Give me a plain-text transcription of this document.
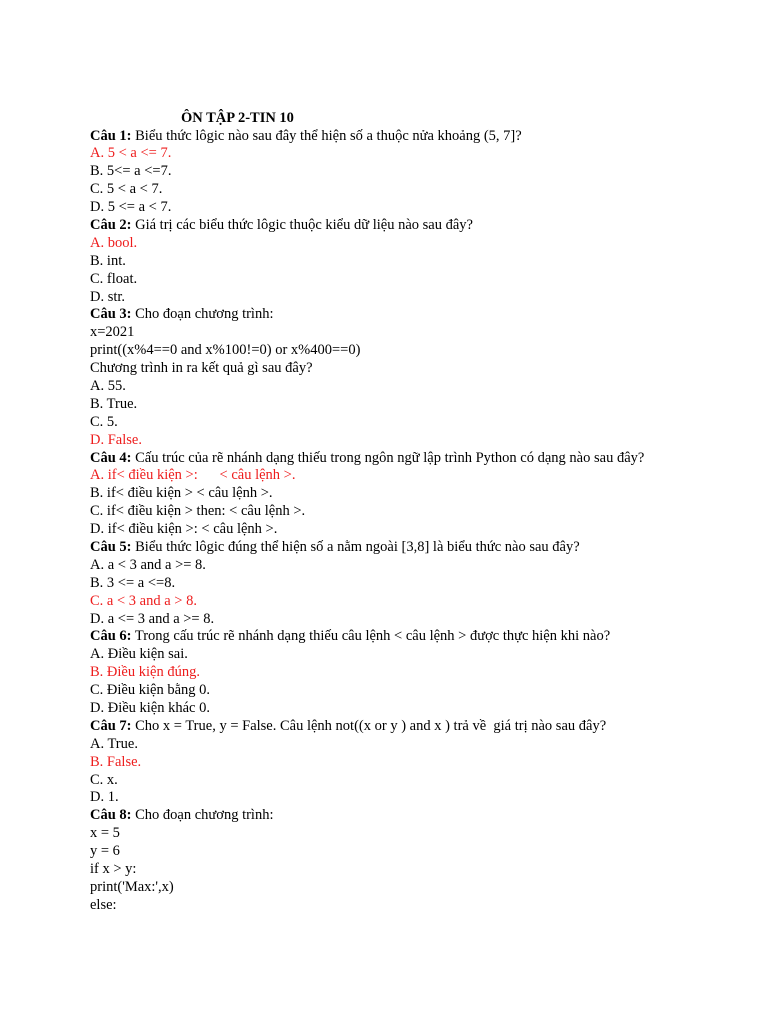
ÔN TẬP 2-TIN 10
Câu 1: Biểu thức lôgic nào sau đây thể hiện số a thuộc nửa khoảng (5, 7]?
A. 5 < a <= 7.
B. 5<= a <=7.
C. 5 < a < 7.
D. 5 <= a < 7.
Câu 2: Giá trị các biểu thức lôgic thuộc kiểu dữ liệu nào sau đây?
A. bool.
B. int.
C. float.
D. str.
Câu 3: Cho đoạn chương trình:
x=2021
print((x%4==0 and x%100!=0) or x%400==0)
Chương trình in ra kết quả gì sau đây?
A. 55.
B. True.
C. 5.
D. False.
Câu 4: Cấu trúc của rẽ nhánh dạng thiếu trong ngôn ngữ lập trình Python có dạng nào sau đây?
A. if< điều kiện >:      < câu lệnh >.
B. if< điều kiện > < câu lệnh >.
C. if< điều kiện > then: < câu lệnh >.
D. if< điều kiện >: < câu lệnh >.
Câu 5: Biểu thức lôgic đúng thể hiện số a nằm ngoài [3,8] là biểu thức nào sau đây?
A. a < 3 and a >= 8.
B. 3 <= a <=8.
C. a < 3 and a > 8.
D. a <= 3 and a >= 8.
Câu 6: Trong cấu trúc rẽ nhánh dạng thiếu câu lệnh < câu lệnh > được thực hiện khi nào?
A. Điều kiện sai.
B. Điều kiện đúng.
C. Điều kiện bằng 0.
D. Điều kiện khác 0.
Câu 7: Cho x = True, y = False. Câu lệnh not((x or y ) and x ) trả về  giá trị nào sau đây?
A. True.
B. False.
C. x.
D. 1.
Câu 8: Cho đoạn chương trình:
x = 5
y = 6
if x > y:
print('Max:',x)
else:
